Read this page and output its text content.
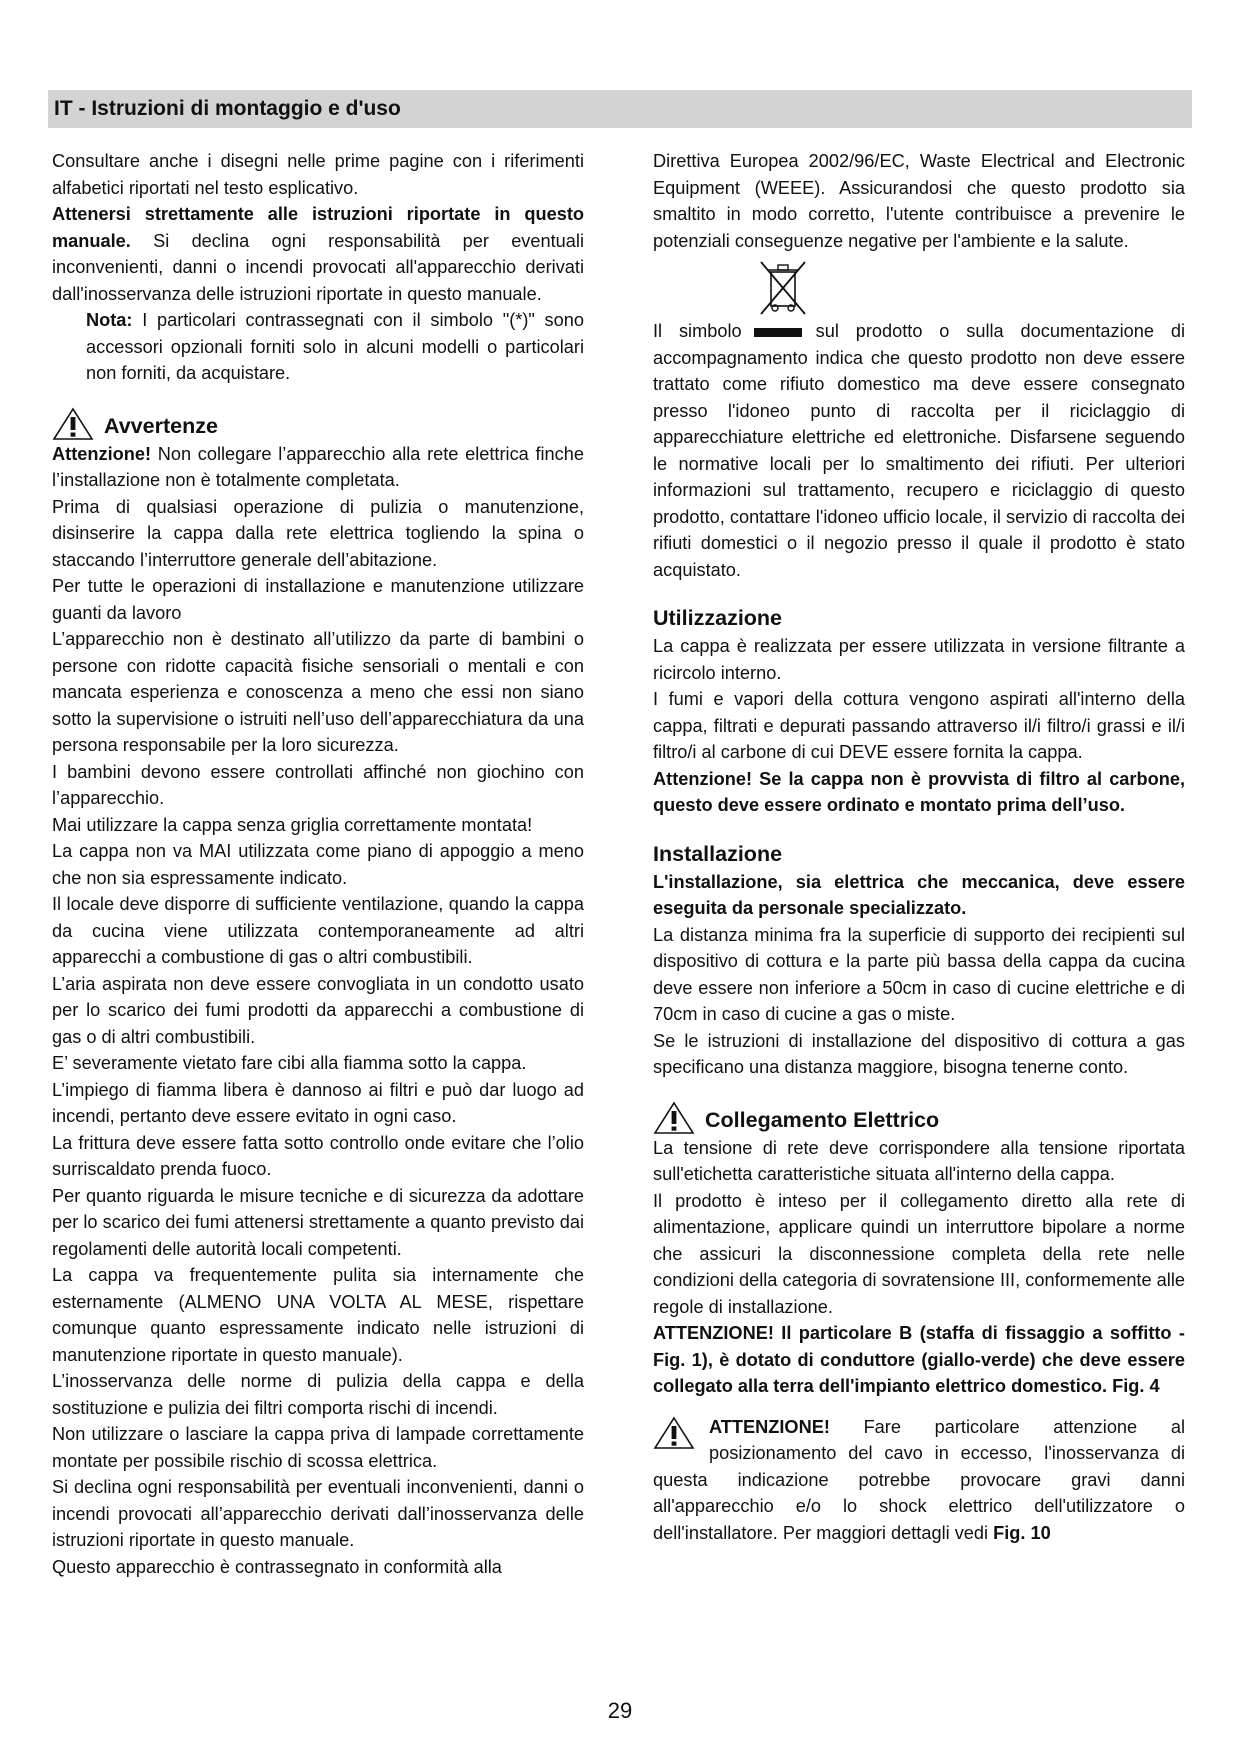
IT - Istruzioni di montaggio e d'uso

Consultare anche i disegni nelle prime pagine con i riferimenti alfabetici riportati nel testo esplicativo.

Attenersi strettamente alle istruzioni riportate in questo manuale. Si declina ogni responsabilità per eventuali inconvenienti, danni o incendi provocati all'apparecchio derivati dall'inosservanza delle istruzioni riportate in questo manuale.

Nota: I particolari contrassegnati con il simbolo "(*)" sono accessori opzionali forniti solo in alcuni modelli o particolari non forniti, da acquistare.

Avvertenze

Attenzione! Non collegare l’apparecchio alla rete elettrica finche l’installazione non è totalmente completata.

Prima di qualsiasi operazione di pulizia o manutenzione, disinserire la cappa dalla rete elettrica togliendo la spina o staccando l’interruttore generale dell’abitazione.

Per tutte le operazioni di installazione e manutenzione utilizzare guanti da lavoro

L’apparecchio non è destinato all’utilizzo da parte di bambini o persone con ridotte capacità fisiche sensoriali o mentali e con mancata esperienza e conoscenza a meno che essi non siano sotto la supervisione o istruiti nell’uso dell’apparecchiatura da una persona responsabile per la loro sicurezza.

I bambini devono essere controllati affinché non giochino con l’apparecchio.

Mai utilizzare la cappa senza griglia correttamente montata!

La cappa non va MAI utilizzata come piano di appoggio a meno che non sia espressamente indicato.

Il locale deve disporre di sufficiente ventilazione, quando la cappa da cucina viene utilizzata contemporaneamente ad altri apparecchi a combustione di gas o altri combustibili.

L’aria aspirata non deve essere convogliata in un condotto usato per lo scarico dei fumi prodotti da apparecchi a combustione di gas o di altri combustibili.

E’ severamente vietato fare cibi alla fiamma sotto la cappa.

L’impiego di fiamma libera è dannoso ai filtri e può dar luogo ad incendi, pertanto deve essere evitato in ogni caso.

La frittura deve essere fatta sotto controllo onde evitare che l’olio surriscaldato prenda fuoco.

Per quanto riguarda le misure tecniche e di sicurezza da adottare per lo scarico dei fumi attenersi strettamente a quanto previsto dai regolamenti delle autorità locali competenti.

La cappa va frequentemente pulita sia internamente che esternamente (ALMENO UNA VOLTA AL MESE, rispettare comunque quanto espressamente indicato nelle istruzioni di manutenzione riportate in questo manuale).

L’inosservanza delle norme di pulizia della cappa e della sostituzione e pulizia dei filtri comporta rischi di incendi.

Non utilizzare o lasciare la cappa priva di lampade correttamente montate per possibile rischio di scossa elettrica.

Si declina ogni responsabilità per eventuali inconvenienti, danni o incendi provocati all’apparecchio derivati dall’inosservanza delle istruzioni riportate in questo manuale.

Questo apparecchio è contrassegnato in conformità alla

Direttiva Europea 2002/96/EC, Waste Electrical and Electronic Equipment (WEEE). Assicurandosi che questo prodotto sia smaltito in modo corretto, l'utente contribuisce a prevenire le potenziali conseguenze negative per l'ambiente e la salute.

Il simbolo	sul prodotto o sulla documentazione di accompagnamento indica che questo prodotto non deve essere trattato come rifiuto domestico ma deve essere consegnato presso l'idoneo punto di raccolta per il riciclaggio di apparecchiature elettriche ed elettroniche. Disfarsene seguendo le normative locali per lo smaltimento dei rifiuti. Per ulteriori informazioni sul trattamento, recupero e riciclaggio di questo prodotto, contattare l'idoneo ufficio locale, il servizio di raccolta dei rifiuti domestici o il negozio presso il quale il prodotto è stato acquistato.

Utilizzazione

La cappa è realizzata per essere utilizzata in versione filtrante a ricircolo interno.

I fumi e vapori della cottura vengono aspirati all'interno della cappa, filtrati e depurati passando attraverso il/i filtro/i grassi e il/i filtro/i al carbone di cui DEVE essere fornita la cappa.

Attenzione! Se la cappa non è provvista di filtro al carbone, questo deve essere ordinato e montato prima dell’uso.

Installazione

L'installazione, sia elettrica che meccanica, deve essere eseguita da personale specializzato.

La distanza minima fra la superficie di supporto dei recipienti sul dispositivo di cottura e la parte più bassa della cappa da cucina deve essere non inferiore a 50cm in caso di cucine elettriche e di 70cm in caso di cucine a gas o miste.

Se le istruzioni di installazione del dispositivo di cottura a gas specificano una distanza maggiore, bisogna tenerne conto.

Collegamento Elettrico

La tensione di rete deve corrispondere alla tensione riportata sull'etichetta caratteristiche situata all'interno della cappa.

Il prodotto è inteso per il collegamento diretto alla rete di alimentazione, applicare quindi un interruttore bipolare a norme che assicuri la disconnessione completa della rete nelle condizioni della categoria di sovratensione III, conformemente alle regole di installazione.

ATTENZIONE! Il particolare B (staffa di fissaggio a soffitto - Fig. 1), è dotato di conduttore (giallo-verde) che deve essere collegato alla terra dell'impianto elettrico domestico. Fig. 4

ATTENZIONE! Fare particolare attenzione al posizionamento del cavo in eccesso, l'inosservanza di questa indicazione potrebbe provocare gravi danni all'apparecchio e/o lo shock elettrico dell'utilizzatore o dell'installatore. Per maggiori dettagli vedi Fig. 10

29
